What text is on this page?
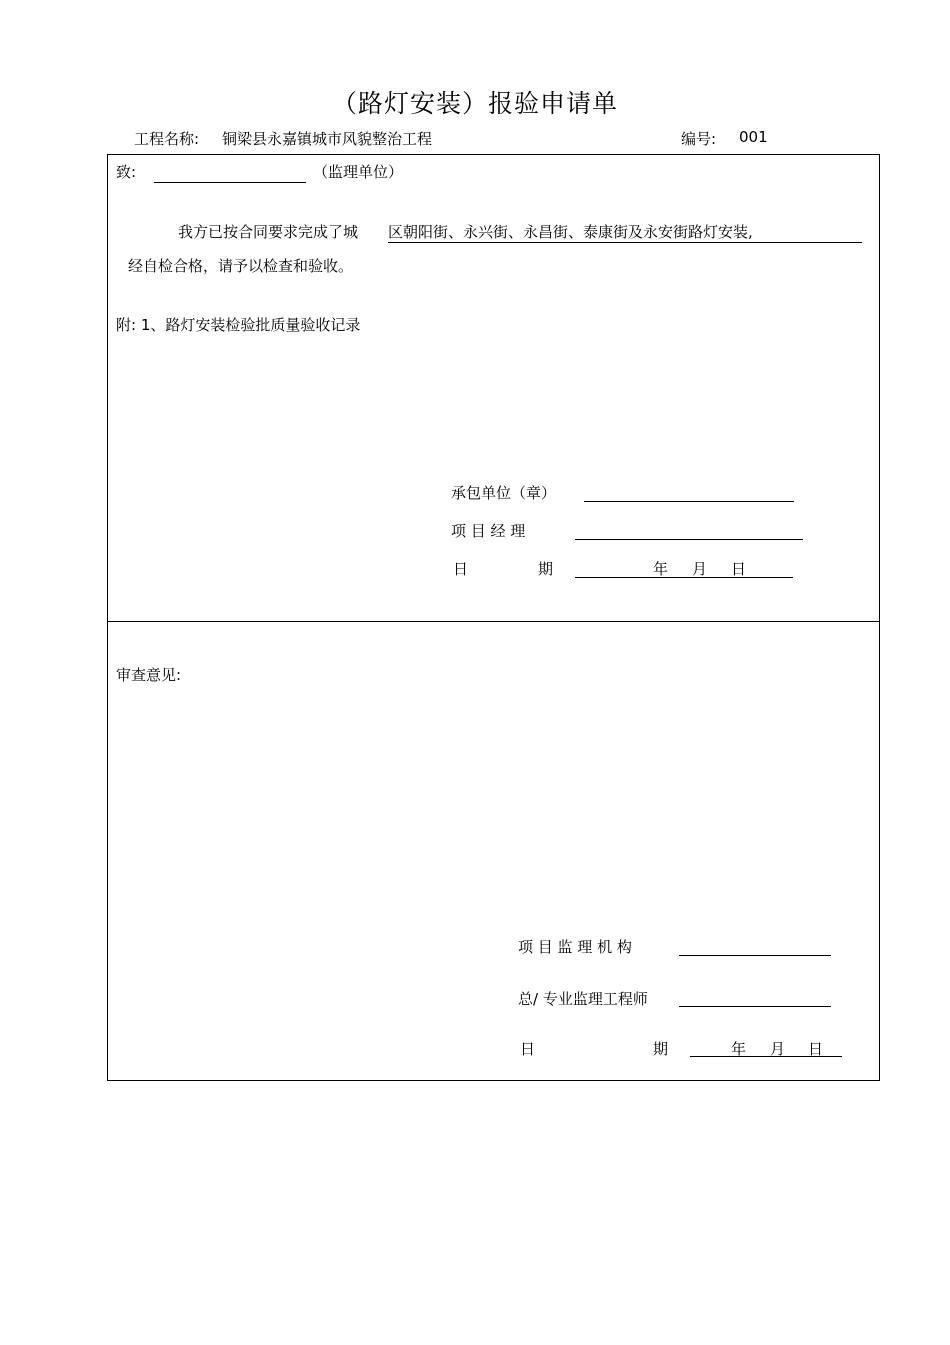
（路灯安装）报验申请单
工程名称: 铜梁县永嘉镇城市风貌整治工程	编号: 001
致:	（监理单位）
我方已按合同要求完成了城 区朝阳街、永兴街、永昌街、泰康街及永安街路灯安装,
经自检合格，请予以检查和验收。
附: 1、路灯安装检验批质量验收记录
承包单位（章）
项 目 经 理
日	期	年 月 日
审查意见:
项 目 监 理 机 构
总/ 专业监理工程师
日	期	年 月 日
